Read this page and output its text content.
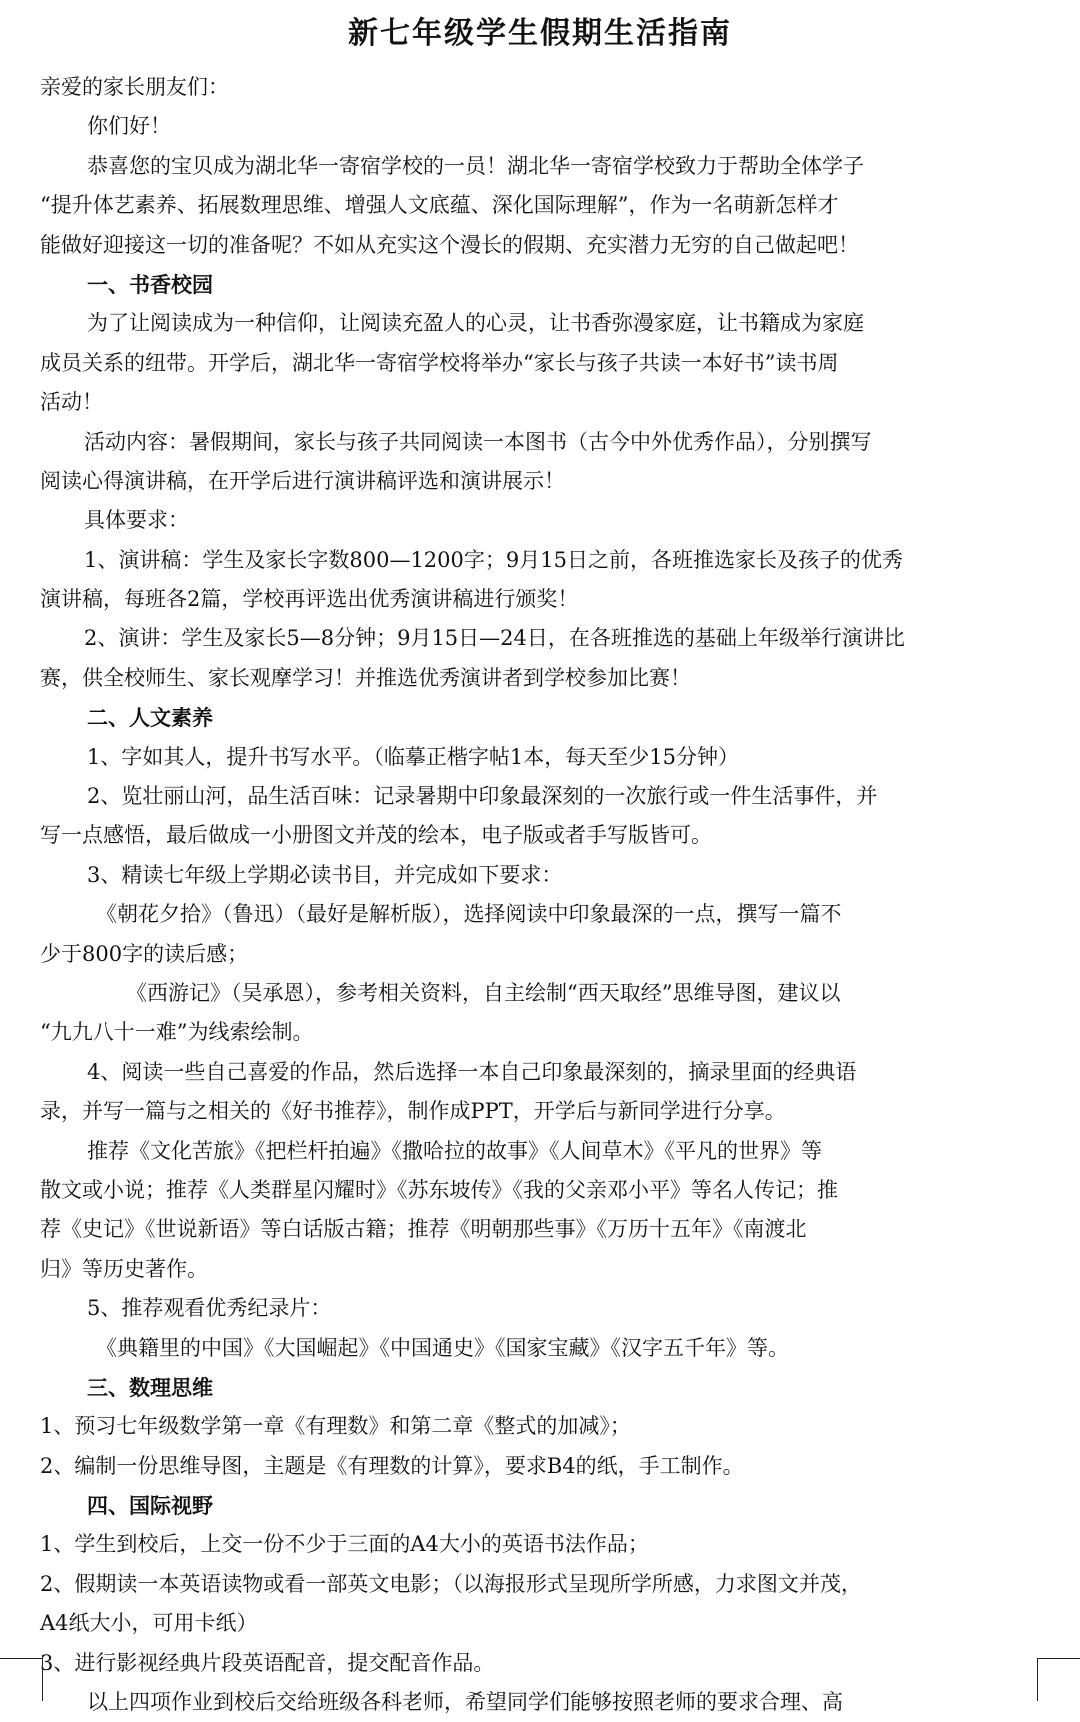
新七年级学生假期生活指南
亲爱的家长朋友们：
你们好！
恭喜您的宝贝成为湖北华一寄宿学校的一员！湖北华一寄宿学校致力于帮助全体学子
“提升体艺素养、拓展数理思维、增强人文底蕴、深化国际理解”，作为一名萌新怎样才
能做好迎接这一切的准备呢？不如从充实这个漫长的假期、充实潜力无穷的自己做起吧！
一、书香校园
为了让阅读成为一种信仰，让阅读充盈人的心灵，让书香弥漫家庭，让书籍成为家庭
成员关系的纽带。开学后，湖北华一寄宿学校将举办“家长与孩子共读一本好书”读书周
活动！
活动内容：暑假期间，家长与孩子共同阅读一本图书（古今中外优秀作品），分别撰写
阅读心得演讲稿，在开学后进行演讲稿评选和演讲展示！
具体要求：
1、演讲稿：学生及家长字数800—1200字；9月15日之前，各班推选家长及孩子的优秀
演讲稿，每班各2篇，学校再评选出优秀演讲稿进行颁奖！
2、演讲：学生及家长5—8分钟；9月15日—24日，在各班推选的基础上年级举行演讲比
赛，供全校师生、家长观摩学习！并推选优秀演讲者到学校参加比赛！
二、人文素养
1、字如其人，提升书写水平。（临摹正楷字帖1本，每天至少15分钟）
2、览壮丽山河，品生活百味：记录暑期中印象最深刻的一次旅行或一件生活事件，并
写一点感悟，最后做成一小册图文并茂的绘本，电子版或者手写版皆可。
3、精读七年级上学期必读书目，并完成如下要求：
《朝花夕拾》（鲁迅）（最好是解析版），选择阅读中印象最深的一点，撰写一篇不
少于800字的读后感；
《西游记》（吴承恩），参考相关资料，自主绘制“西天取经”思维导图，建议以
“九九八十一难”为线索绘制。
4、阅读一些自己喜爱的作品，然后选择一本自己印象最深刻的，摘录里面的经典语
录，并写一篇与之相关的《好书推荐》，制作成PPT，开学后与新同学进行分享。
推荐《文化苦旅》《把栏杆拍遍》《撒哈拉的故事》《人间草木》《平凡的世界》等
散文或小说；推荐《人类群星闪耀时》《苏东坡传》《我的父亲邓小平》等名人传记；推
荐《史记》《世说新语》等白话版古籍；推荐《明朝那些事》《万历十五年》《南渡北
归》等历史著作。
5、推荐观看优秀纪录片：
《典籍里的中国》《大国崛起》《中国通史》《国家宝藏》《汉字五千年》等。
三、数理思维
1、预习七年级数学第一章《有理数》和第二章《整式的加减》；
2、编制一份思维导图，主题是《有理数的计算》，要求B4的纸，手工制作。
四、国际视野
1、学生到校后，上交一份不少于三面的A4大小的英语书法作品；
2、假期读一本英语读物或看一部英文电影；（以海报形式呈现所学所感，力求图文并茂，
A4纸大小，可用卡纸）
3、进行影视经典片段英语配音，提交配音作品。
以上四项作业到校后交给班级各科老师，希望同学们能够按照老师的要求合理、高
